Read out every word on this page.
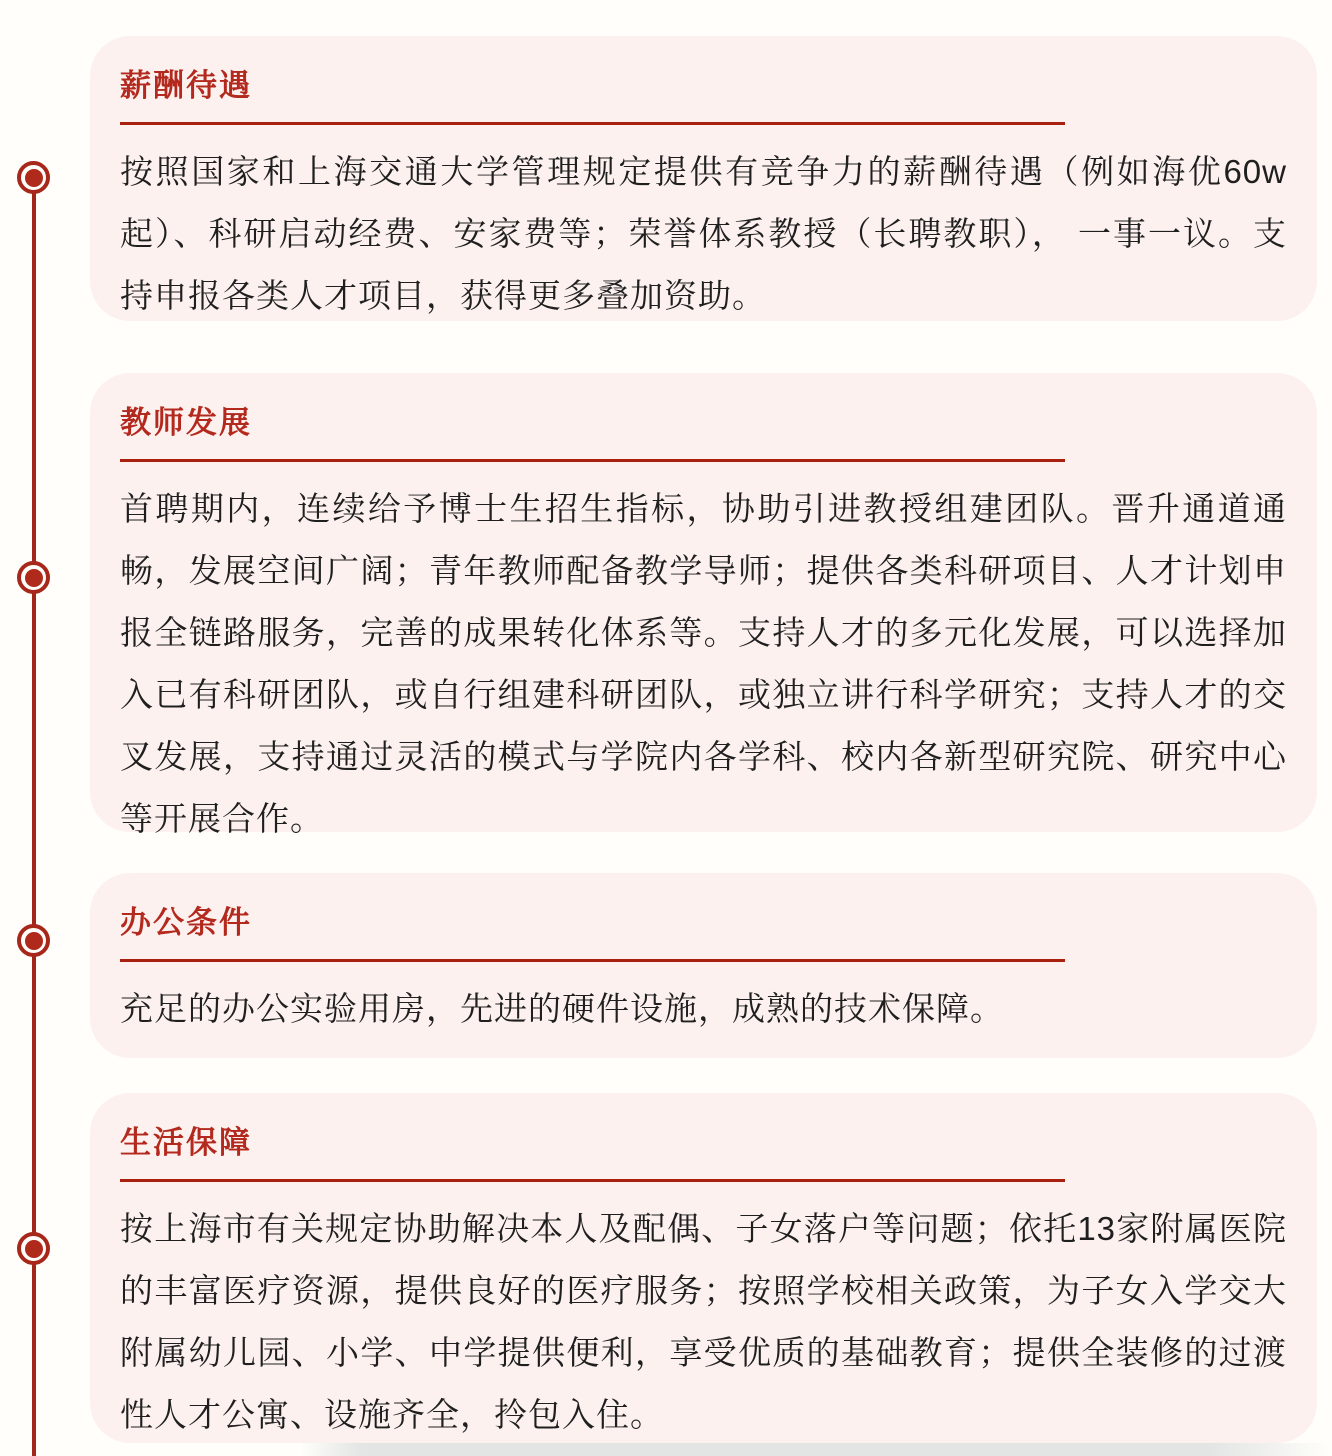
薪酬待遇

按照国家和上海交通大学管理规定提供有竞争力的薪酬待遇（例如海优60w起）、科研启动经费、安家费等；荣誉体系教授（长聘教职）， 一事一议。支持申报各类人才项目，获得更多叠加资助。

教师发展

首聘期内，连续给予博士生招生指标，协助引进教授组建团队。晋升通道通畅，发展空间广阔；青年教师配备教学导师；提供各类科研项目、人才计划申报全链路服务，完善的成果转化体系等。支持人才的多元化发展，可以选择加入已有科研团队，或自行组建科研团队，或独立讲行科学研究；支持人才的交叉发展，支持通过灵活的模式与学院内各学科、校内各新型研究院、研究中心等开展合作。

办公条件

充足的办公实验用房，先进的硬件设施，成熟的技术保障。

生活保障

按上海市有关规定协助解决本人及配偶、子女落户等问题；依托13家附属医院的丰富医疗资源，提供良好的医疗服务；按照学校相关政策，为子女入学交大附属幼儿园、小学、中学提供便利，享受优质的基础教育；提供全装修的过渡性人才公寓、设施齐全，拎包入住。
